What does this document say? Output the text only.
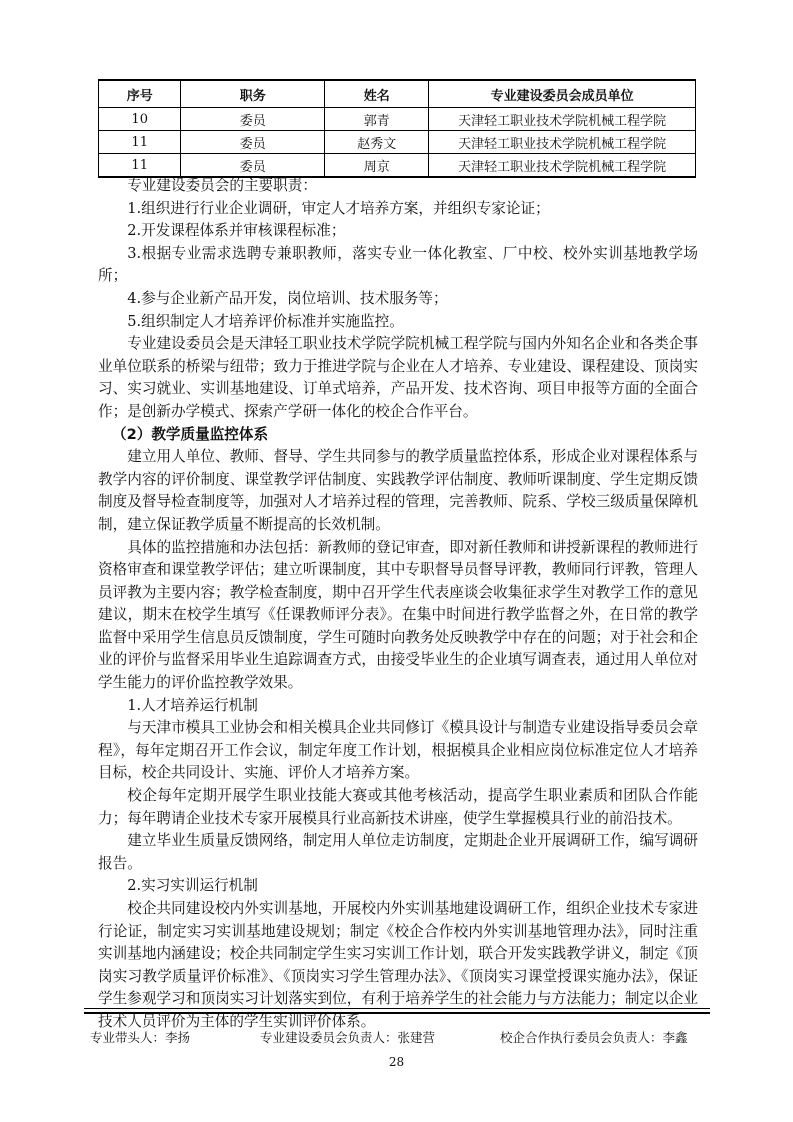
序号	职务	姓名	专业建设委员会成员单位
10	委员	郭青	天津轻工职业技术学院机械工程学院
11	委员	赵秀文	天津轻工职业技术学院机械工程学院
11	委员	周京	天津轻工职业技术学院机械工程学院

专业建设委员会的主要职责：

1.组织进行行业企业调研，审定人才培养方案，并组织专家论证；

2.开发课程体系并审核课程标准；

3.根据专业需求选聘专兼职教师，落实专业一体化教室、厂中校、校外实训基地教学场所；

4.参与企业新产品开发，岗位培训、技术服务等；

5.组织制定人才培养评价标准并实施监控。

专业建设委员会是天津轻工职业技术学院学院机械工程学院与国内外知名企业和各类企事业单位联系的桥梁与纽带；致力于推进学院与企业在人才培养、专业建设、课程建设、顶岗实习、实习就业、实训基地建设、订单式培养，产品开发、技术咨询、项目申报等方面的全面合作；是创新办学模式、探索产学研一体化的校企合作平台。

（2）教学质量监控体系

建立用人单位、教师、督导、学生共同参与的教学质量监控体系，形成企业对课程体系与教学内容的评价制度、课堂教学评估制度、实践教学评估制度、教师听课制度、学生定期反馈制度及督导检查制度等，加强对人才培养过程的管理，完善教师、院系、学校三级质量保障机制，建立保证教学质量不断提高的长效机制。

具体的监控措施和办法包括：新教师的登记审查，即对新任教师和讲授新课程的教师进行资格审查和课堂教学评估；建立听课制度，其中专职督导员督导评教，教师同行评教，管理人员评教为主要内容；教学检查制度，期中召开学生代表座谈会收集征求学生对教学工作的意见建议，期末在校学生填写《任课教师评分表》。在集中时间进行教学监督之外，在日常的教学监督中采用学生信息员反馈制度，学生可随时向教务处反映教学中存在的问题；对于社会和企业的评价与监督采用毕业生追踪调查方式，由接受毕业生的企业填写调查表，通过用人单位对学生能力的评价监控教学效果。

1.人才培养运行机制

与天津市模具工业协会和相关模具企业共同修订《模具设计与制造专业建设指导委员会章程》，每年定期召开工作会议，制定年度工作计划，根据模具企业相应岗位标准定位人才培养目标，校企共同设计、实施、评价人才培养方案。

校企每年定期开展学生职业技能大赛或其他考核活动，提高学生职业素质和团队合作能力；每年聘请企业技术专家开展模具行业高新技术讲座，使学生掌握模具行业的前沿技术。

建立毕业生质量反馈网络，制定用人单位走访制度，定期赴企业开展调研工作，编写调研报告。

2.实习实训运行机制

校企共同建设校内外实训基地，开展校内外实训基地建设调研工作，组织企业技术专家进行论证，制定实习实训基地建设规划；制定《校企合作校内外实训基地管理办法》，同时注重实训基地内涵建设；校企共同制定学生实习实训工作计划，联合开发实践教学讲义，制定《顶岗实习教学质量评价标准》、《顶岗实习学生管理办法》、《顶岗实习课堂授课实施办法》，保证学生参观学习和顶岗实习计划落实到位，有利于培养学生的社会能力与方法能力；制定以企业技术人员评价为主体的学生实训评价体系。

专业带头人：李扬	专业建设委员会负责人：张建营	校企合作执行委员会负责人：李鑫
28
